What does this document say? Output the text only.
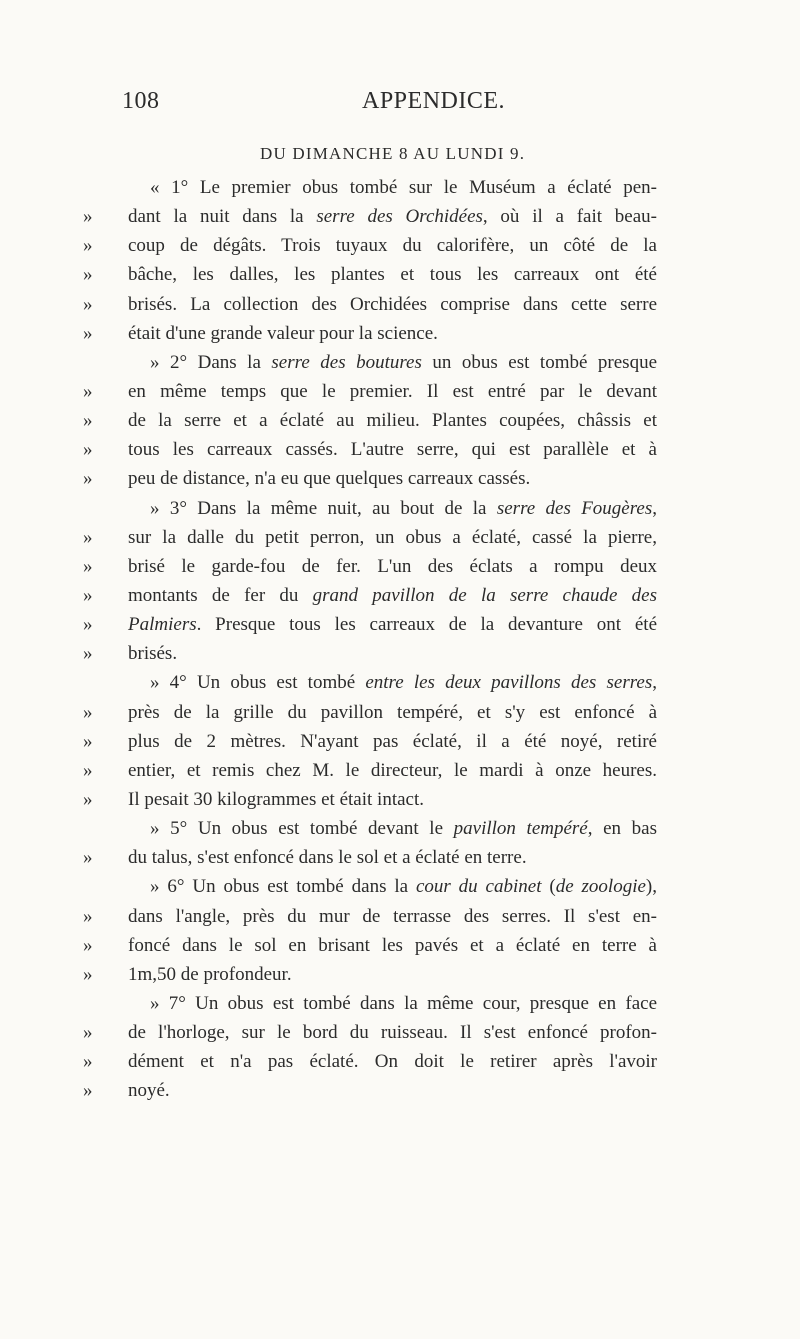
108	APPENDICE.
DU DIMANCHE 8 AU LUNDI 9.
« 1° Le premier obus tombé sur le Muséum a éclaté pen-
» dant la nuit dans la serre des Orchidées, où il a fait beau-
» coup de dégâts. Trois tuyaux du calorifère, un côté de la
» bâche, les dalles, les plantes et tous les carreaux ont été
» brisés. La collection des Orchidées comprise dans cette serre
» était d'une grande valeur pour la science.
» 2° Dans la serre des boutures un obus est tombé presque
» en même temps que le premier. Il est entré par le devant
» de la serre et a éclaté au milieu. Plantes coupées, châssis et
» tous les carreaux cassés. L'autre serre, qui est parallèle et à
» peu de distance, n'a eu que quelques carreaux cassés.
» 3° Dans la même nuit, au bout de la serre des Fougères,
» sur la dalle du petit perron, un obus a éclaté, cassé la pierre,
» brisé le garde-fou de fer. L'un des éclats a rompu deux
» montants de fer du grand pavillon de la serre chaude des
» Palmiers. Presque tous les carreaux de la devanture ont été
» brisés.
» 4° Un obus est tombé entre les deux pavillons des serres,
» près de la grille du pavillon tempéré, et s'y est enfoncé à
» plus de 2 mètres. N'ayant pas éclaté, il a été noyé, retiré
» entier, et remis chez M. le directeur, le mardi à onze heures.
» Il pesait 30 kilogrammes et était intact.
» 5° Un obus est tombé devant le pavillon tempéré, en bas
» du talus, s'est enfoncé dans le sol et a éclaté en terre.
» 6° Un obus est tombé dans la cour du cabinet (de zoologie),
» dans l'angle, près du mur de terrasse des serres. Il s'est en-
» foncé dans le sol en brisant les pavés et a éclaté en terre à
» 1m,50 de profondeur.
» 7° Un obus est tombé dans la même cour, presque en face
» de l'horloge, sur le bord du ruisseau. Il s'est enfoncé profon-
» dément et n'a pas éclaté. On doit le retirer après l'avoir
» noyé.
